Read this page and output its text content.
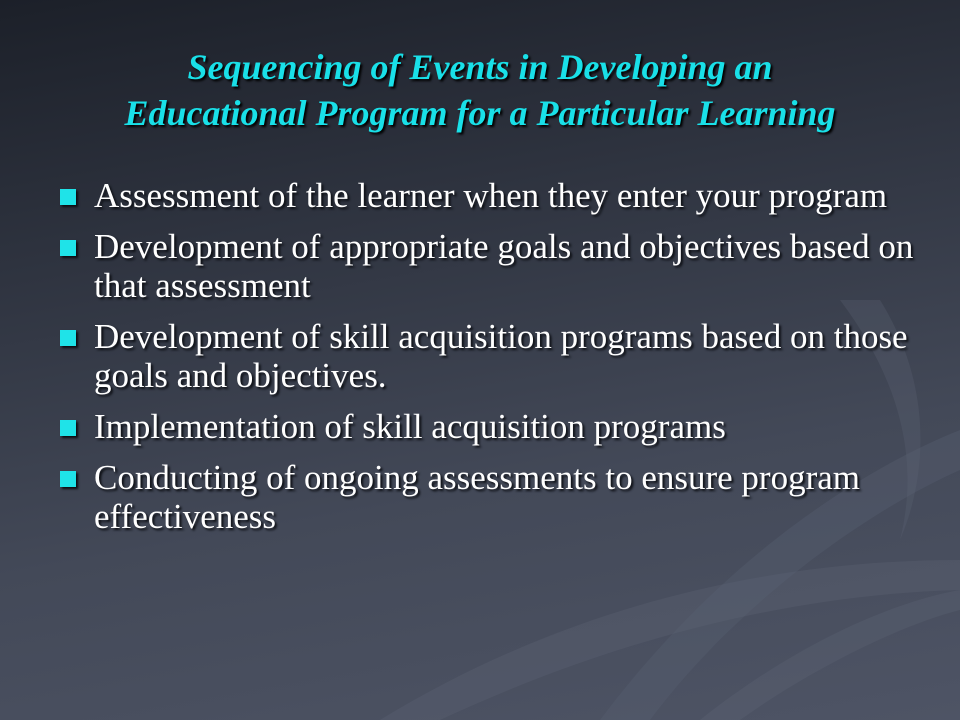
Sequencing of Events in Developing an
Educational Program for a Particular Learning
Assessment of the learner when they enter your program
Development of appropriate goals and objectives based on that assessment
Development of skill acquisition programs based on those goals and objectives.
Implementation of skill acquisition programs
Conducting of ongoing assessments to ensure program effectiveness
